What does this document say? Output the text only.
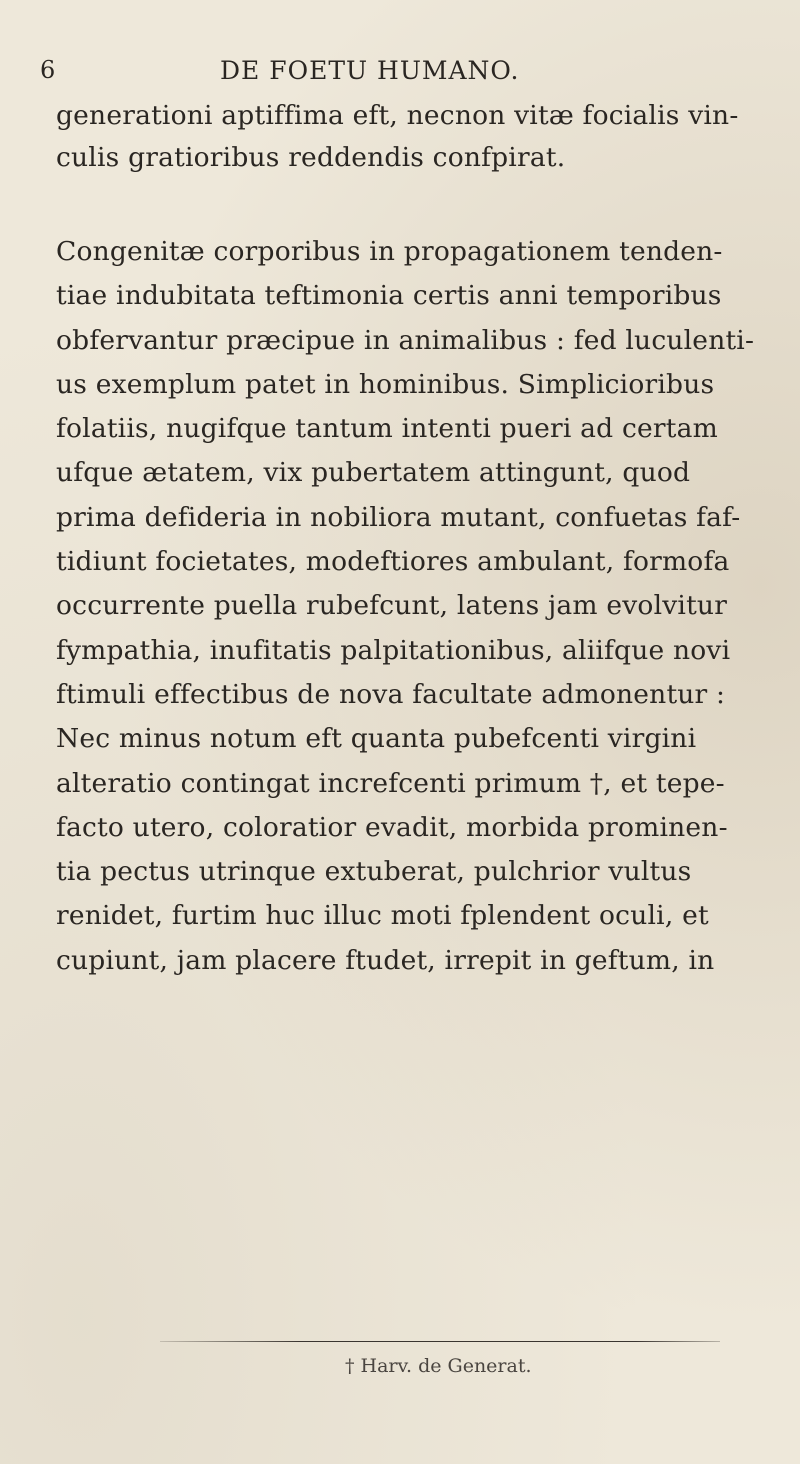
6	DE FOETU HUMANO.
generationi aptiffima eft, necnon vitæ focialis vin-
culis gratioribus reddendis confpirat.
Congenitæ corporibus in propagationem tenden-
tiae indubitata teftimonia certis anni temporibus
obfervantur præcipue in animalibus : fed luculenti-
us exemplum patet in hominibus. Simplicioribus
folatiis, nugifque tantum intenti pueri ad certam
ufque ætatem, vix pubertatem attingunt, quod
prima defideria in nobiliora mutant, confuetas faf-
tidiunt focietates, modeftiores ambulant, formofa
occurrente puella rubefcunt, latens jam evolvitur
fympathia, inufitatis palpitationibus, aliifque novi
ftimuli effectibus de nova facultate admonentur :
Nec minus notum eft quanta pubefcenti virgini
alteratio contingat increfcenti primum †, et tepe-
facto utero, coloratior evadit, morbida prominen-
tia pectus utrinque extuberat, pulchrior vultus
renidet, furtim huc illuc moti fplendent oculi, et
cupiunt, jam placere ftudet, irrepit in geftum, in
† Harv. de Generat.
